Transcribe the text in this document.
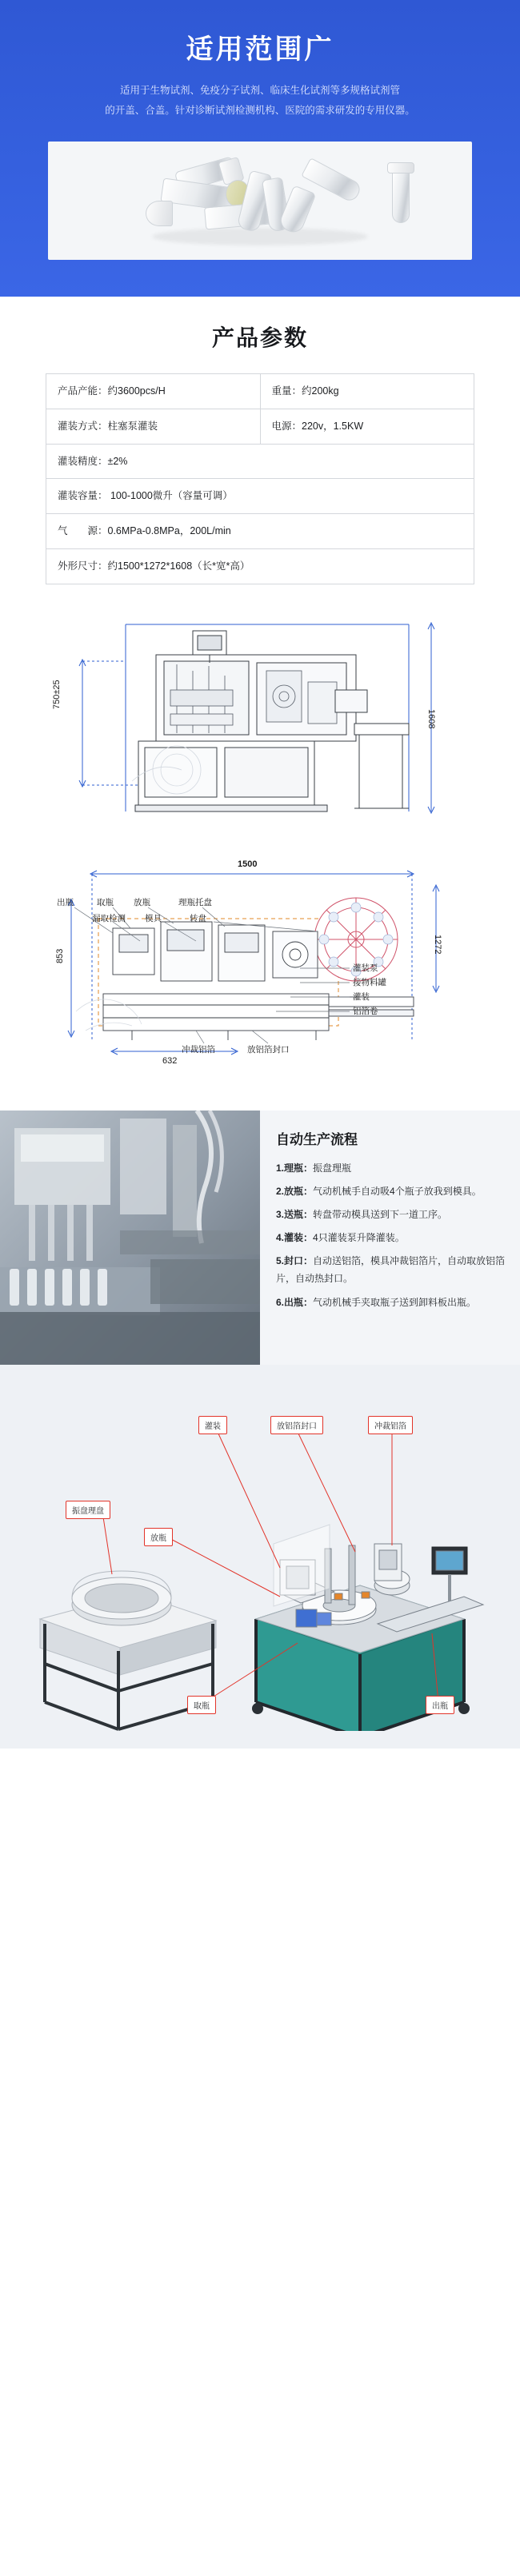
适用范围广
适用于生物试剂、免疫分子试剂、临床生化试剂等多规格试剂管
的开盖、合盖。针对诊断试剂检测机构、医院的需求研发的专用仪器。
产品参数
产品产能：约3600pcs/H	重量：约200kg
灌装方式：柱塞泵灌装	电源：220v，1.5KW
灌装精度：±2%	
灌装容量： 100-1000微升（容量可调）	
气　　源：0.6MPa-0.8MPa，200L/min	
外形尺寸：约1500*1272*1608（长*宽*高）	
1608
750±25
1500
1272
853
632
出瓶	取瓶 放瓶	理瓶托盘
漏取检测 模具	转盘
灌装泵
接物料罐
灌装
铝箔卷
冲裁铝箔	放铝箔封口
自动生产流程
1.理瓶：振盘理瓶
2.放瓶：气动机械手自动吸4个瓶子放我到模具。
3.送瓶：转盘带动模具送到下一道工序。
4.灌装：4只灌装泵升降灌装。
5.封口：自动送铝箔，模具冲裁铝箔片，自动取放铝箔片，自动热封口。
6.出瓶：气动机械手夹取瓶子送到卸料板出瓶。
灌装	放铝箔封口	冲裁铝箔
振盘理盘
放瓶
取瓶	出瓶
